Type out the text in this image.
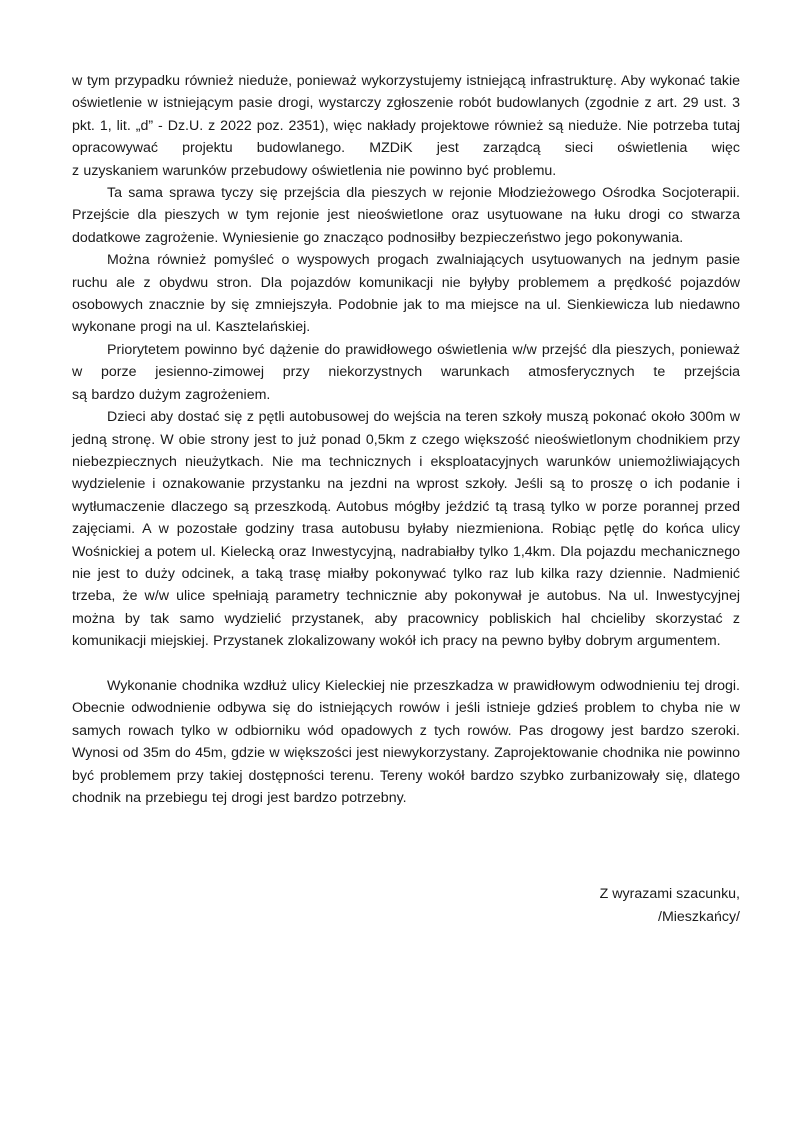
w tym przypadku również nieduże, ponieważ wykorzystujemy istniejącą infrastrukturę. Aby wykonać takie oświetlenie w istniejącym pasie drogi, wystarczy zgłoszenie robót budowlanych (zgodnie z art. 29 ust. 3 pkt. 1, lit. „d” - Dz.U. z 2022 poz. 2351), więc nakłady projektowe również są nieduże. Nie potrzeba tutaj opracowywać projektu budowlanego. MZDiK jest zarządcą sieci oświetlenia więc
z uzyskaniem warunków przebudowy oświetlenia nie powinno być problemu.

Ta sama sprawa tyczy się przejścia dla pieszych w rejonie Młodzieżowego Ośrodka Socjoterapii. Przejście dla pieszych w tym rejonie jest nieoświetlone oraz usytuowane na łuku drogi co stwarza dodatkowe zagrożenie. Wyniesienie go znacząco podnosiłby bezpieczeństwo jego pokonywania.

Można również pomyśleć o wyspowych progach zwalniających usytuowanych na jednym pasie ruchu ale z obydwu stron. Dla pojazdów komunikacji nie byłyby problemem a prędkość pojazdów osobowych znacznie by się zmniejszyła. Podobnie jak to ma miejsce na ul. Sienkiewicza lub niedawno wykonane progi na ul. Kasztelańskiej.

Priorytetem powinno być dążenie do prawidłowego oświetlenia w/w przejść dla pieszych, ponieważ w porze jesienno-zimowej przy niekorzystnych warunkach atmosferycznych te przejścia
są bardzo dużym zagrożeniem.

Dzieci aby dostać się z pętli autobusowej do wejścia na teren szkoły muszą pokonać około 300m w jedną stronę. W obie strony jest to już ponad 0,5km z czego większość nieoświetlonym chodnikiem przy niebezpiecznych nieużytkach. Nie ma technicznych i eksploatacyjnych warunków uniemożliwiających wydzielenie i oznakowanie przystanku na jezdni na wprost szkoły. Jeśli są to proszę o ich podanie i wytłumaczenie dlaczego są przeszkodą. Autobus mógłby jeździć tą trasą tylko w porze porannej przed zajęciami. A w pozostałe godziny trasa autobusu byłaby niezmieniona. Robiąc pętlę do końca ulicy Wośnickiej a potem ul. Kielecką oraz Inwestycyjną, nadrabiałby tylko 1,4km. Dla pojazdu mechanicznego nie jest to duży odcinek, a taką trasę miałby pokonywać tylko raz lub kilka razy dziennie. Nadmienić trzeba, że w/w ulice spełniają parametry technicznie aby pokonywał je autobus. Na ul. Inwestycyjnej można by tak samo wydzielić przystanek, aby pracownicy pobliskich hal chcieliby skorzystać z komunikacji miejskiej. Przystanek zlokalizowany wokół ich pracy na pewno byłby dobrym argumentem.

Wykonanie chodnika wzdłuż ulicy Kieleckiej nie przeszkadza w prawidłowym odwodnieniu tej drogi. Obecnie odwodnienie odbywa się do istniejących rowów i jeśli istnieje gdzieś problem to chyba nie w samych rowach tylko w odbiorniku wód opadowych z tych rowów. Pas drogowy jest bardzo szeroki. Wynosi od 35m do 45m, gdzie w większości jest niewykorzystany. Zaprojektowanie chodnika nie powinno być problemem przy takiej dostępności terenu. Tereny wokół bardzo szybko zurbanizowały się, dlatego chodnik na przebiegu tej drogi jest bardzo potrzebny.

Z wyrazami szacunku,
/Mieszkańcy/
